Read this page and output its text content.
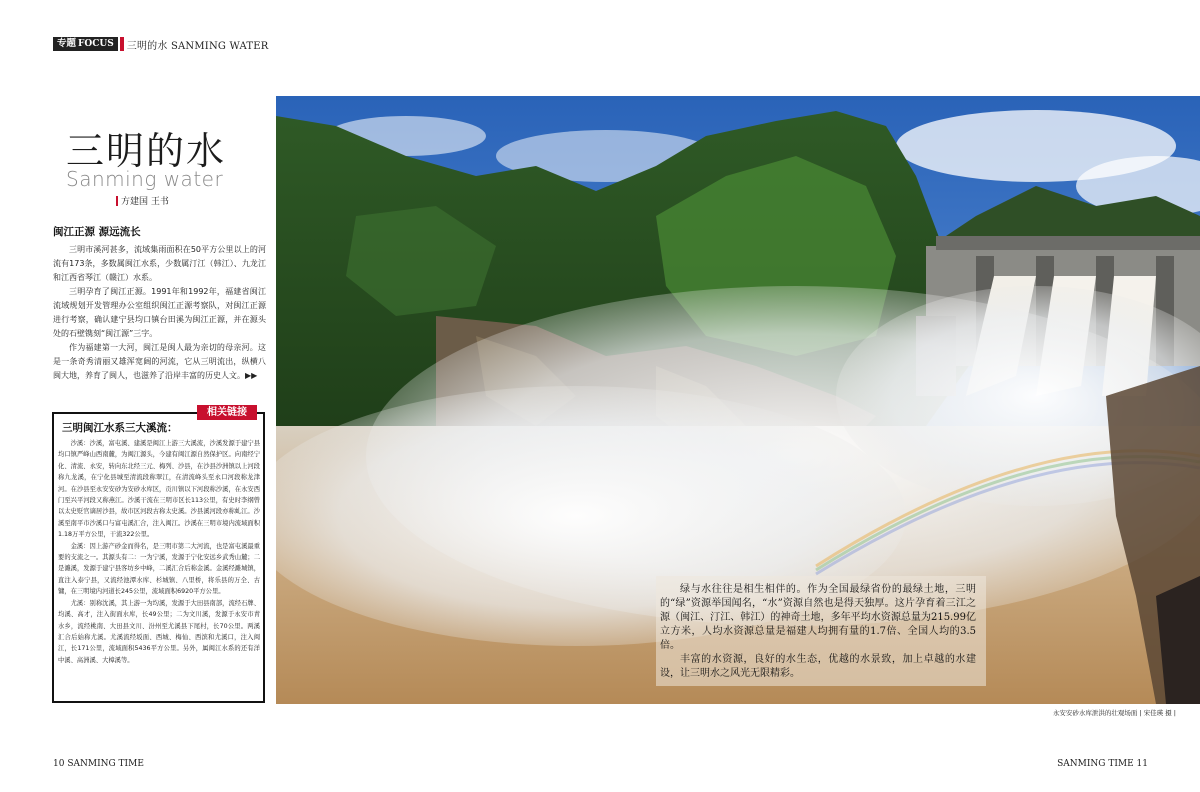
专题 FOCUS	三明的水 SANMING WATER
三明的水
Sanming water
方建国 王书
闽江正源 源远流长

三明市溪河甚多，流域集雨面积在50平方公里以上的河流有173条，多数属闽江水系，少数属汀江（韩江）、九龙江和江西省琴江（赣江）水系。

三明孕育了闽江正源。1991年和1992年，福建省闽江流域规划开发管理办公室组织闽江正源考察队，对闽江正源进行考察，确认建宁县均口镇台田溪为闽江正源，并在源头处的石壁镌刻“闽江源”三字。

作为福建第一大河，闽江是闽人最为亲切的母亲河。这是一条奇秀清丽又雄浑宽阔的河流，它从三明流出，纵横八闽大地，养育了闽人，也滋养了沿岸丰富的历史人文。▶▶

相关链接
三明闽江水系三大溪流：

沙溪：沙溪，富屯溪、建溪是闽江上游三大溪流，沙溪发源于建宁县均口镇严峰山西南麓，为闽江源头，今建有闽江源自然保护区。向南经宁化、清流、永安，转向东北经三元、梅列、沙县，在沙县沙洲镇以上河段称九龙溪，在宁化县城至清流段称翠江，在清流峰头至永口河段称龙津河。在沙县至永安安砂为安砂水库区，贡川镇以下河段称沙溪，在永安西门至兴平河段又称燕江。沙溪干流在三明市区长113公里，有史时李纲曾以太史贬官谪居沙县，故市区河段古称太史溪。沙县溪河段亦称虬江。沙溪至南平市沙溪口与富屯溪汇合，注入闽江。沙溪在三明市境内流域面积1.18万平方公里，干流322公里。

金溪：因上游产砂金而得名，是三明市第二大河流，也是富屯溪最重要的支流之一。其源头有二：一为宁溪，发源于宁化安远乡武秀山麓；二是濉溪，发源于建宁县客坊乡中峰，二溪汇合后称金溪。金溪经濉城镇，直注入泰宁县，又流经池潭水库、杉城镇、八里桥，将乐县的万全、古镛，在三明境内河道长245公里，流域面积6920平方公里。

尤溪：别称沈溪，其上游一为均溪，发源于大田县南部，流经石牌、均溪、高才，注入街面水库，长49公里；二为文川溪，发源于永安市青水乡，流经桃南、大田县文川、汾州至尤溪县下尾村，长70公里。两溪汇合后始称尤溪。尤溪流经坂面、西城、梅仙、西滨和尤溪口，注入闽江，长171公里，流域面积5436平方公里。另外，属闽江水系的还有洋中溪、高洲溪、大樟溪等。

绿与水往往是相生相伴的。作为全国最绿省份的最绿土地，三明的“绿”资源举国闻名，“水”资源自然也是得天独厚。这片孕育着三江之源（闽江、汀江、韩江）的神奇土地，多年平均水资源总量为215.99亿立方米，人均水资源总量是福建人均拥有量的1.7倍、全国人均的3.5倍。

丰富的水资源，良好的水生态，优越的水景致，加上卓越的水建设，让三明水之风光无限精彩。

永安安砂水库泄洪的壮观场面 | 宋佳瑛 摄 |
10 SANMING TIME	SANMING TIME 11
